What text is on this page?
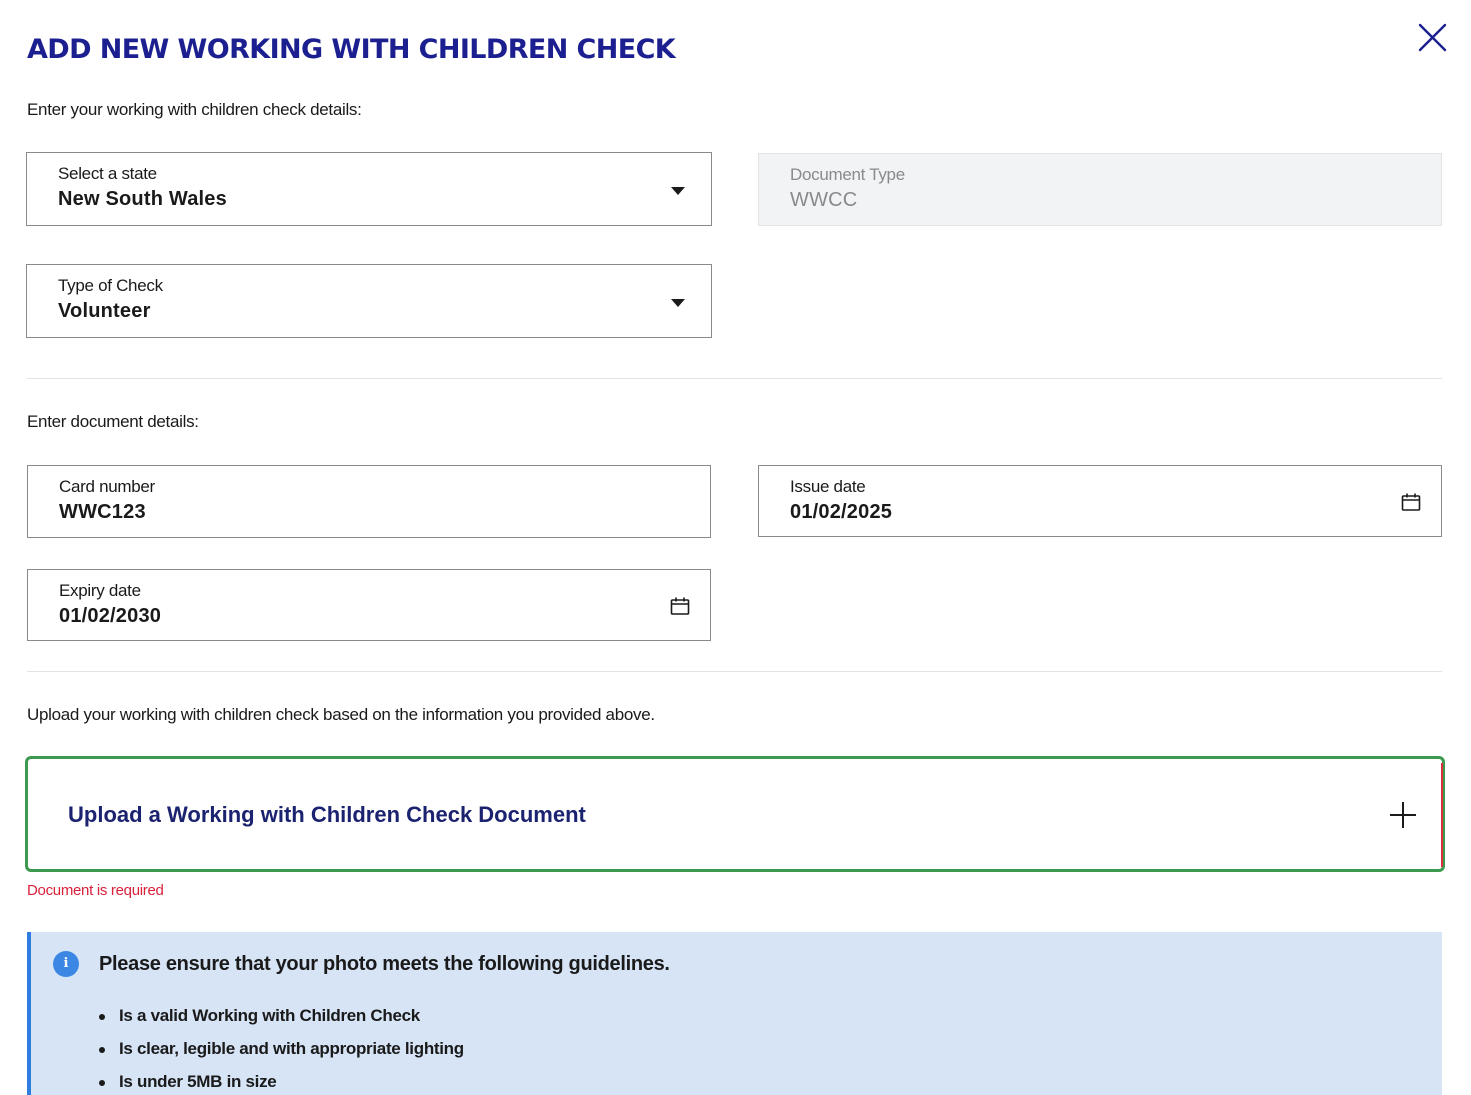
ADD NEW WORKING WITH CHILDREN CHECK
Enter your working with children check details:
Select a state
New South Wales
Document Type
WWCC
Type of Check
Volunteer
Enter document details:
Card number
WWC123
Issue date
01/02/2025
Expiry date
01/02/2030
Upload your working with children check based on the information you provided above.
Upload a Working with Children Check Document
Document is required
i	Please ensure that your photo meets the following guidelines.
Is a valid Working with Children Check
Is clear, legible and with appropriate lighting
Is under 5MB in size
